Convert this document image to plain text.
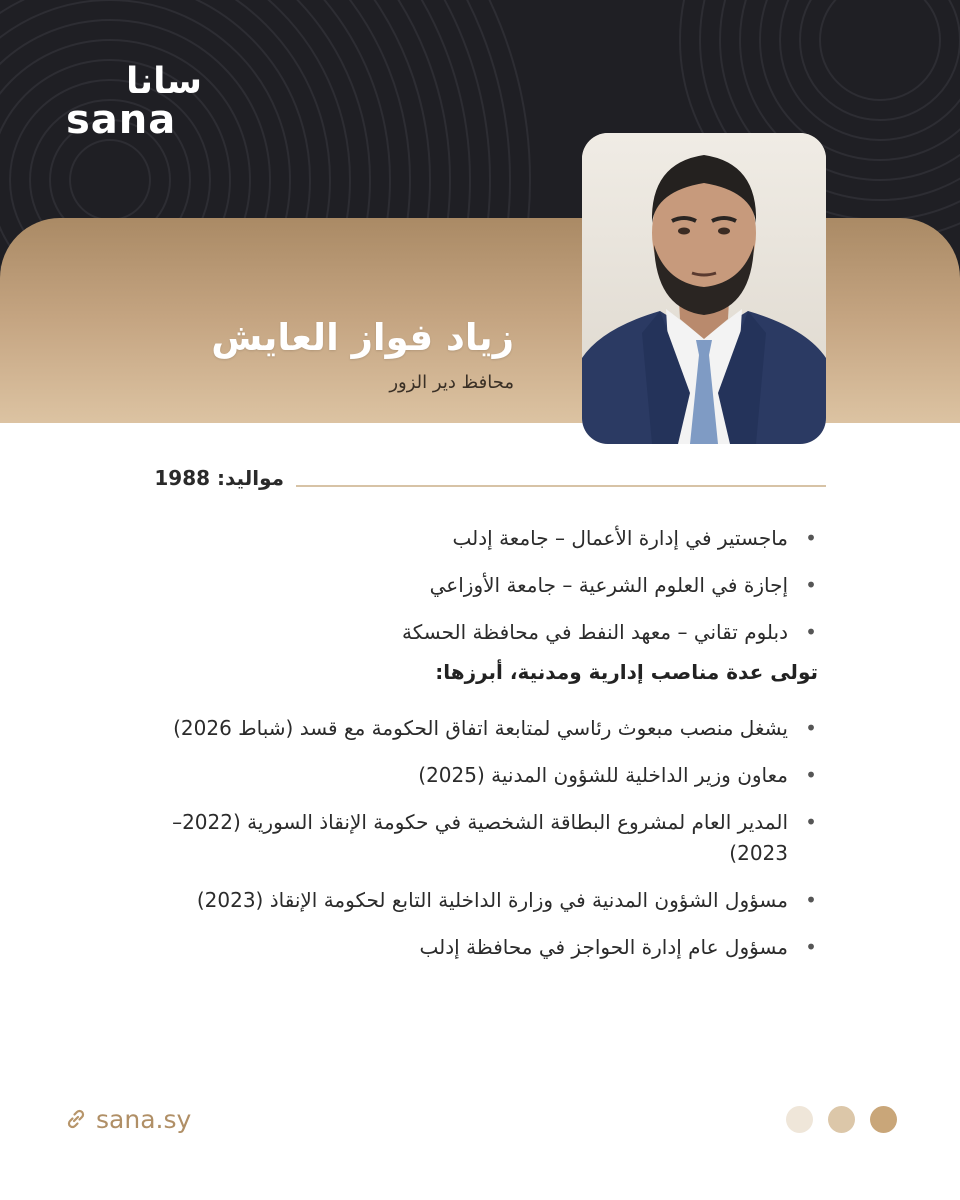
سانا
sana
زياد فواز العايش
محافظ دير الزور
مواليد: 1988
•
ماجستير في إدارة الأعمال – جامعة إدلب
•
إجازة في العلوم الشرعية – جامعة الأوزاعي
•
دبلوم تقاني – معهد النفط في محافظة الحسكة
تولى عدة مناصب إدارية ومدنية، أبرزها:
•
يشغل منصب مبعوث رئاسي لمتابعة اتفاق الحكومة مع قسد (شباط 2026)
•
معاون وزير الداخلية للشؤون المدنية (2025)
•
المدير العام لمشروع البطاقة الشخصية في حكومة الإنقاذ السورية (2022–2023)
•
مسؤول الشؤون المدنية في وزارة الداخلية التابع لحكومة الإنقاذ (2023)
•
مسؤول عام إدارة الحواجز في محافظة إدلب
sana.sy
